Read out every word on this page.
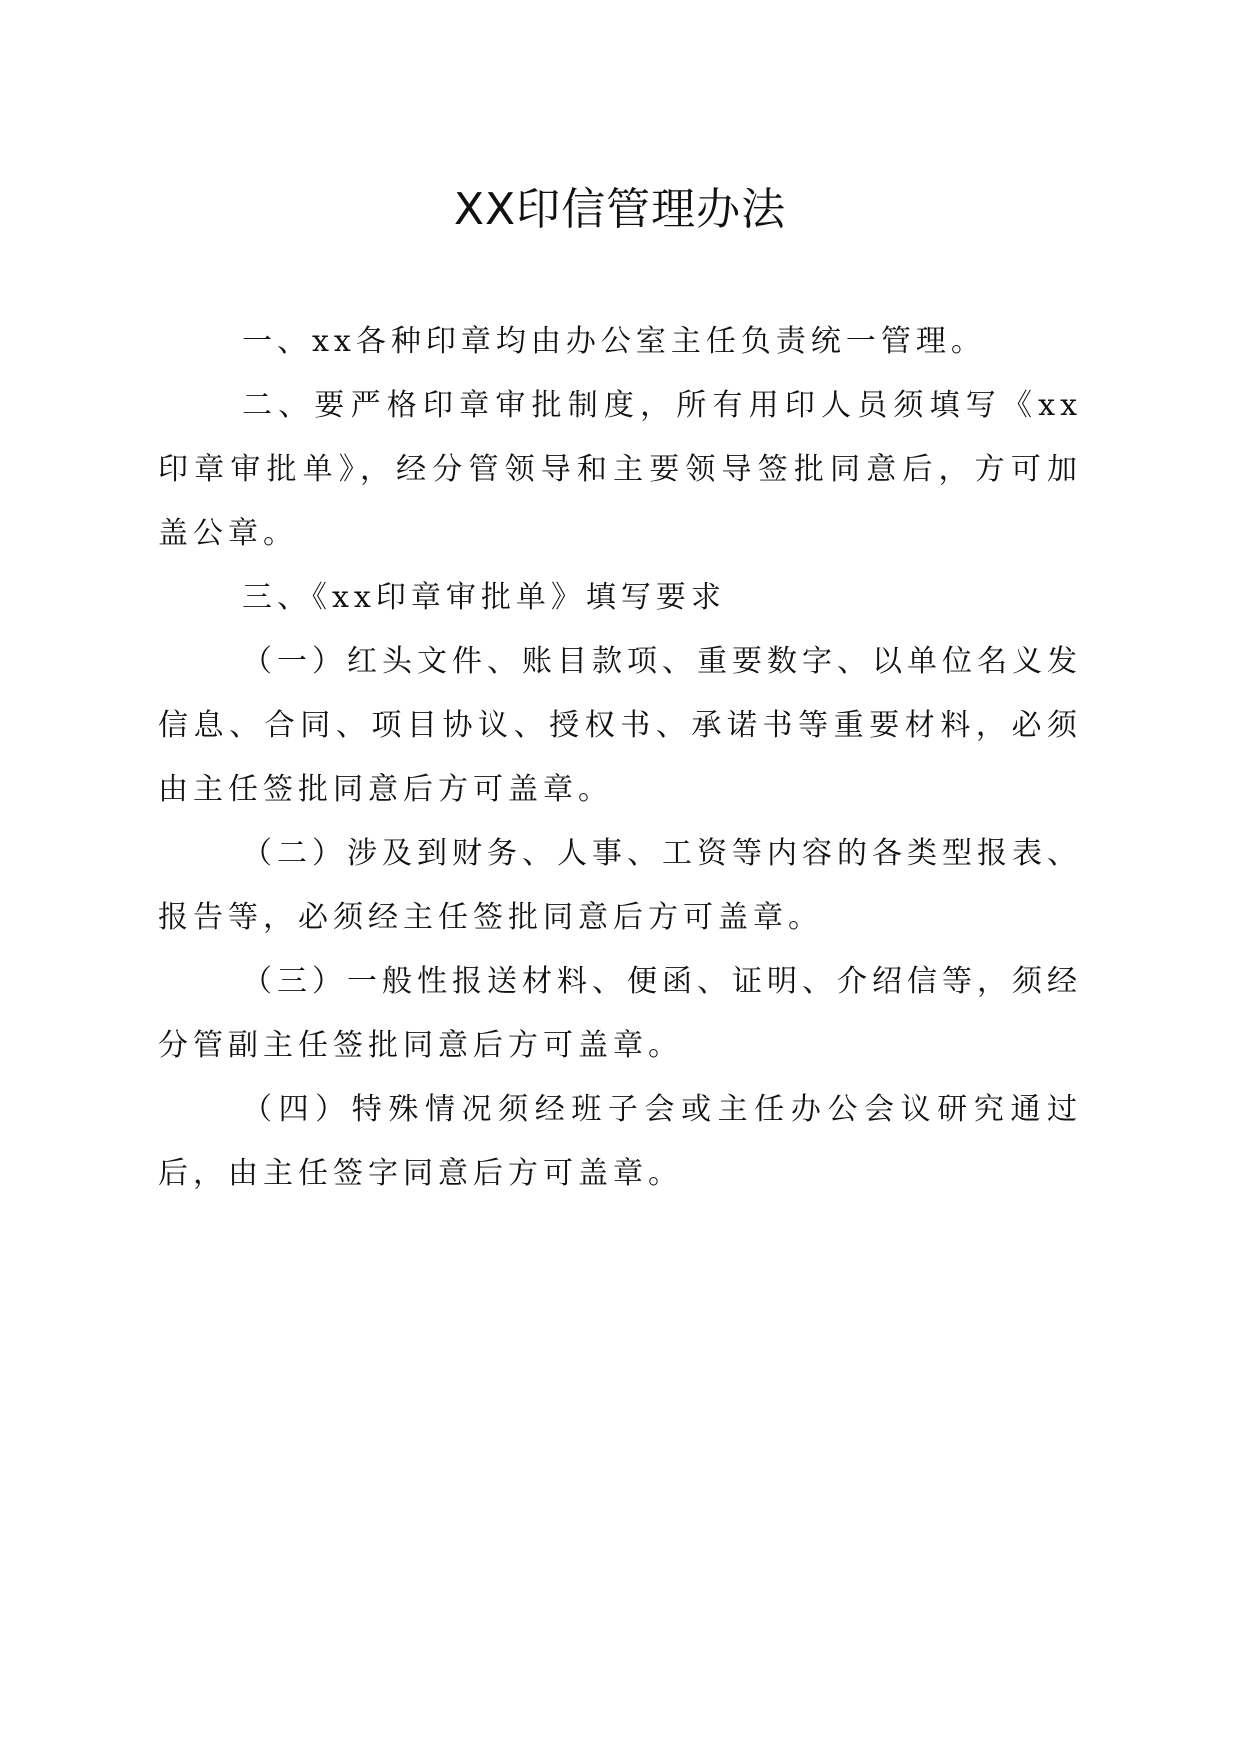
XX印信管理办法

一、xx各种印章均由办公室主任负责统一管理。

二、要严格印章审批制度，所有用印人员须填写《xx印章审批单》，经分管领导和主要领导签批同意后，方可加盖公章。

三、《xx印章审批单》填写要求

（一）红头文件、账目款项、重要数字、以单位名义发信息、合同、项目协议、授权书、承诺书等重要材料，必须由主任签批同意后方可盖章。

（二）涉及到财务、人事、工资等内容的各类型报表、报告等，必须经主任签批同意后方可盖章。

（三）一般性报送材料、便函、证明、介绍信等，须经分管副主任签批同意后方可盖章。

（四）特殊情况须经班子会或主任办公会议研究通过后，由主任签字同意后方可盖章。
